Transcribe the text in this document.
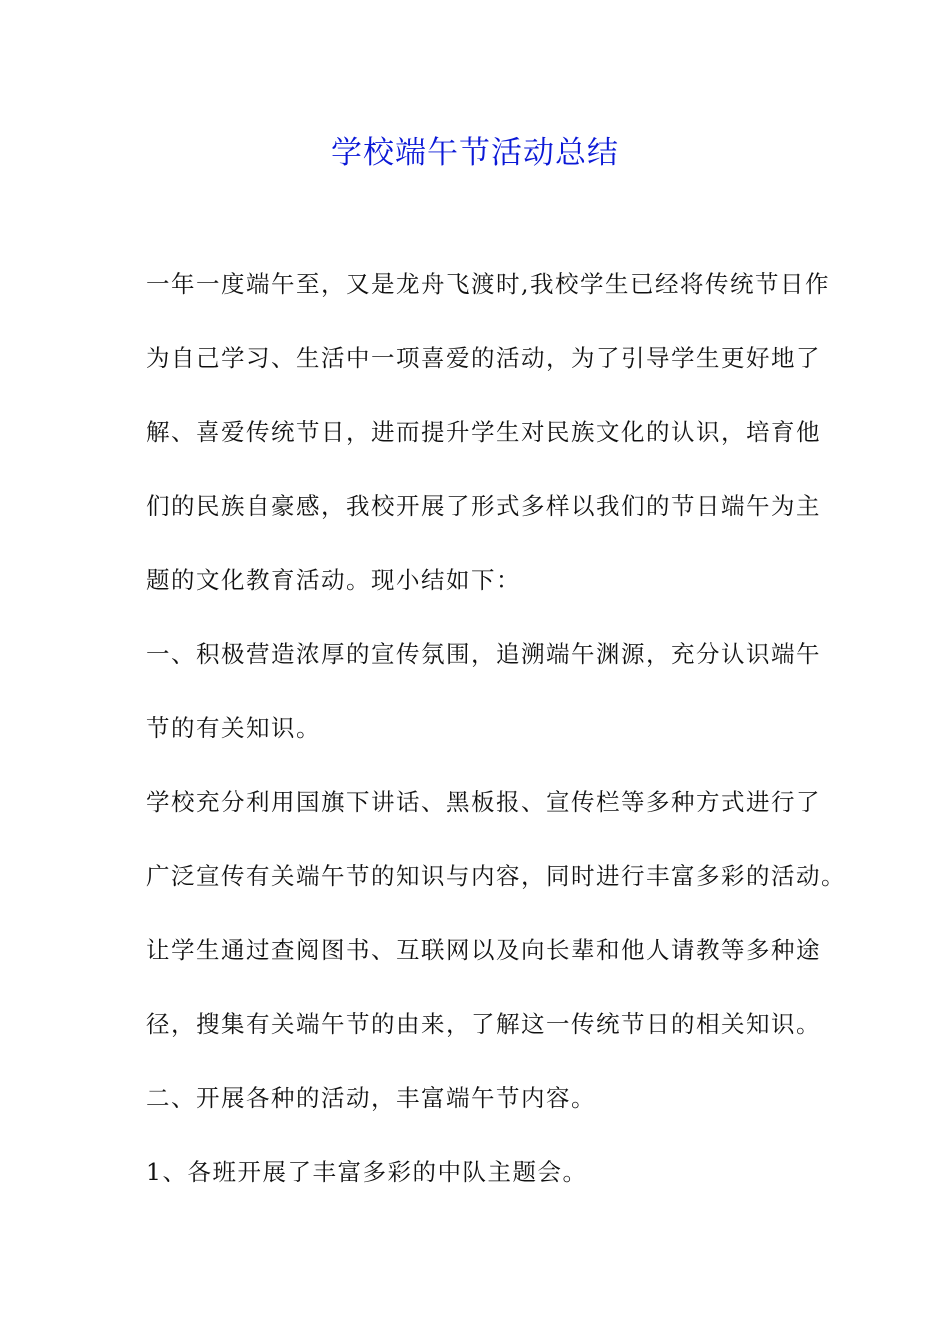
学校端午节活动总结
一年一度端午至，又是龙舟飞渡时,我校学生已经将传统节日作
为自己学习、生活中一项喜爱的活动，为了引导学生更好地了
解、喜爱传统节日，进而提升学生对民族文化的认识，培育他
们的民族自豪感，我校开展了形式多样以我们的节日端午为主
题的文化教育活动。现小结如下：
一、积极营造浓厚的宣传氛围，追溯端午渊源，充分认识端午
节的有关知识。
学校充分利用国旗下讲话、黑板报、宣传栏等多种方式进行了
广泛宣传有关端午节的知识与内容，同时进行丰富多彩的活动。
让学生通过查阅图书、互联网以及向长辈和他人请教等多种途
径，搜集有关端午节的由来，了解这一传统节日的相关知识。
二、开展各种的活动，丰富端午节内容。
1、各班开展了丰富多彩的中队主题会。
